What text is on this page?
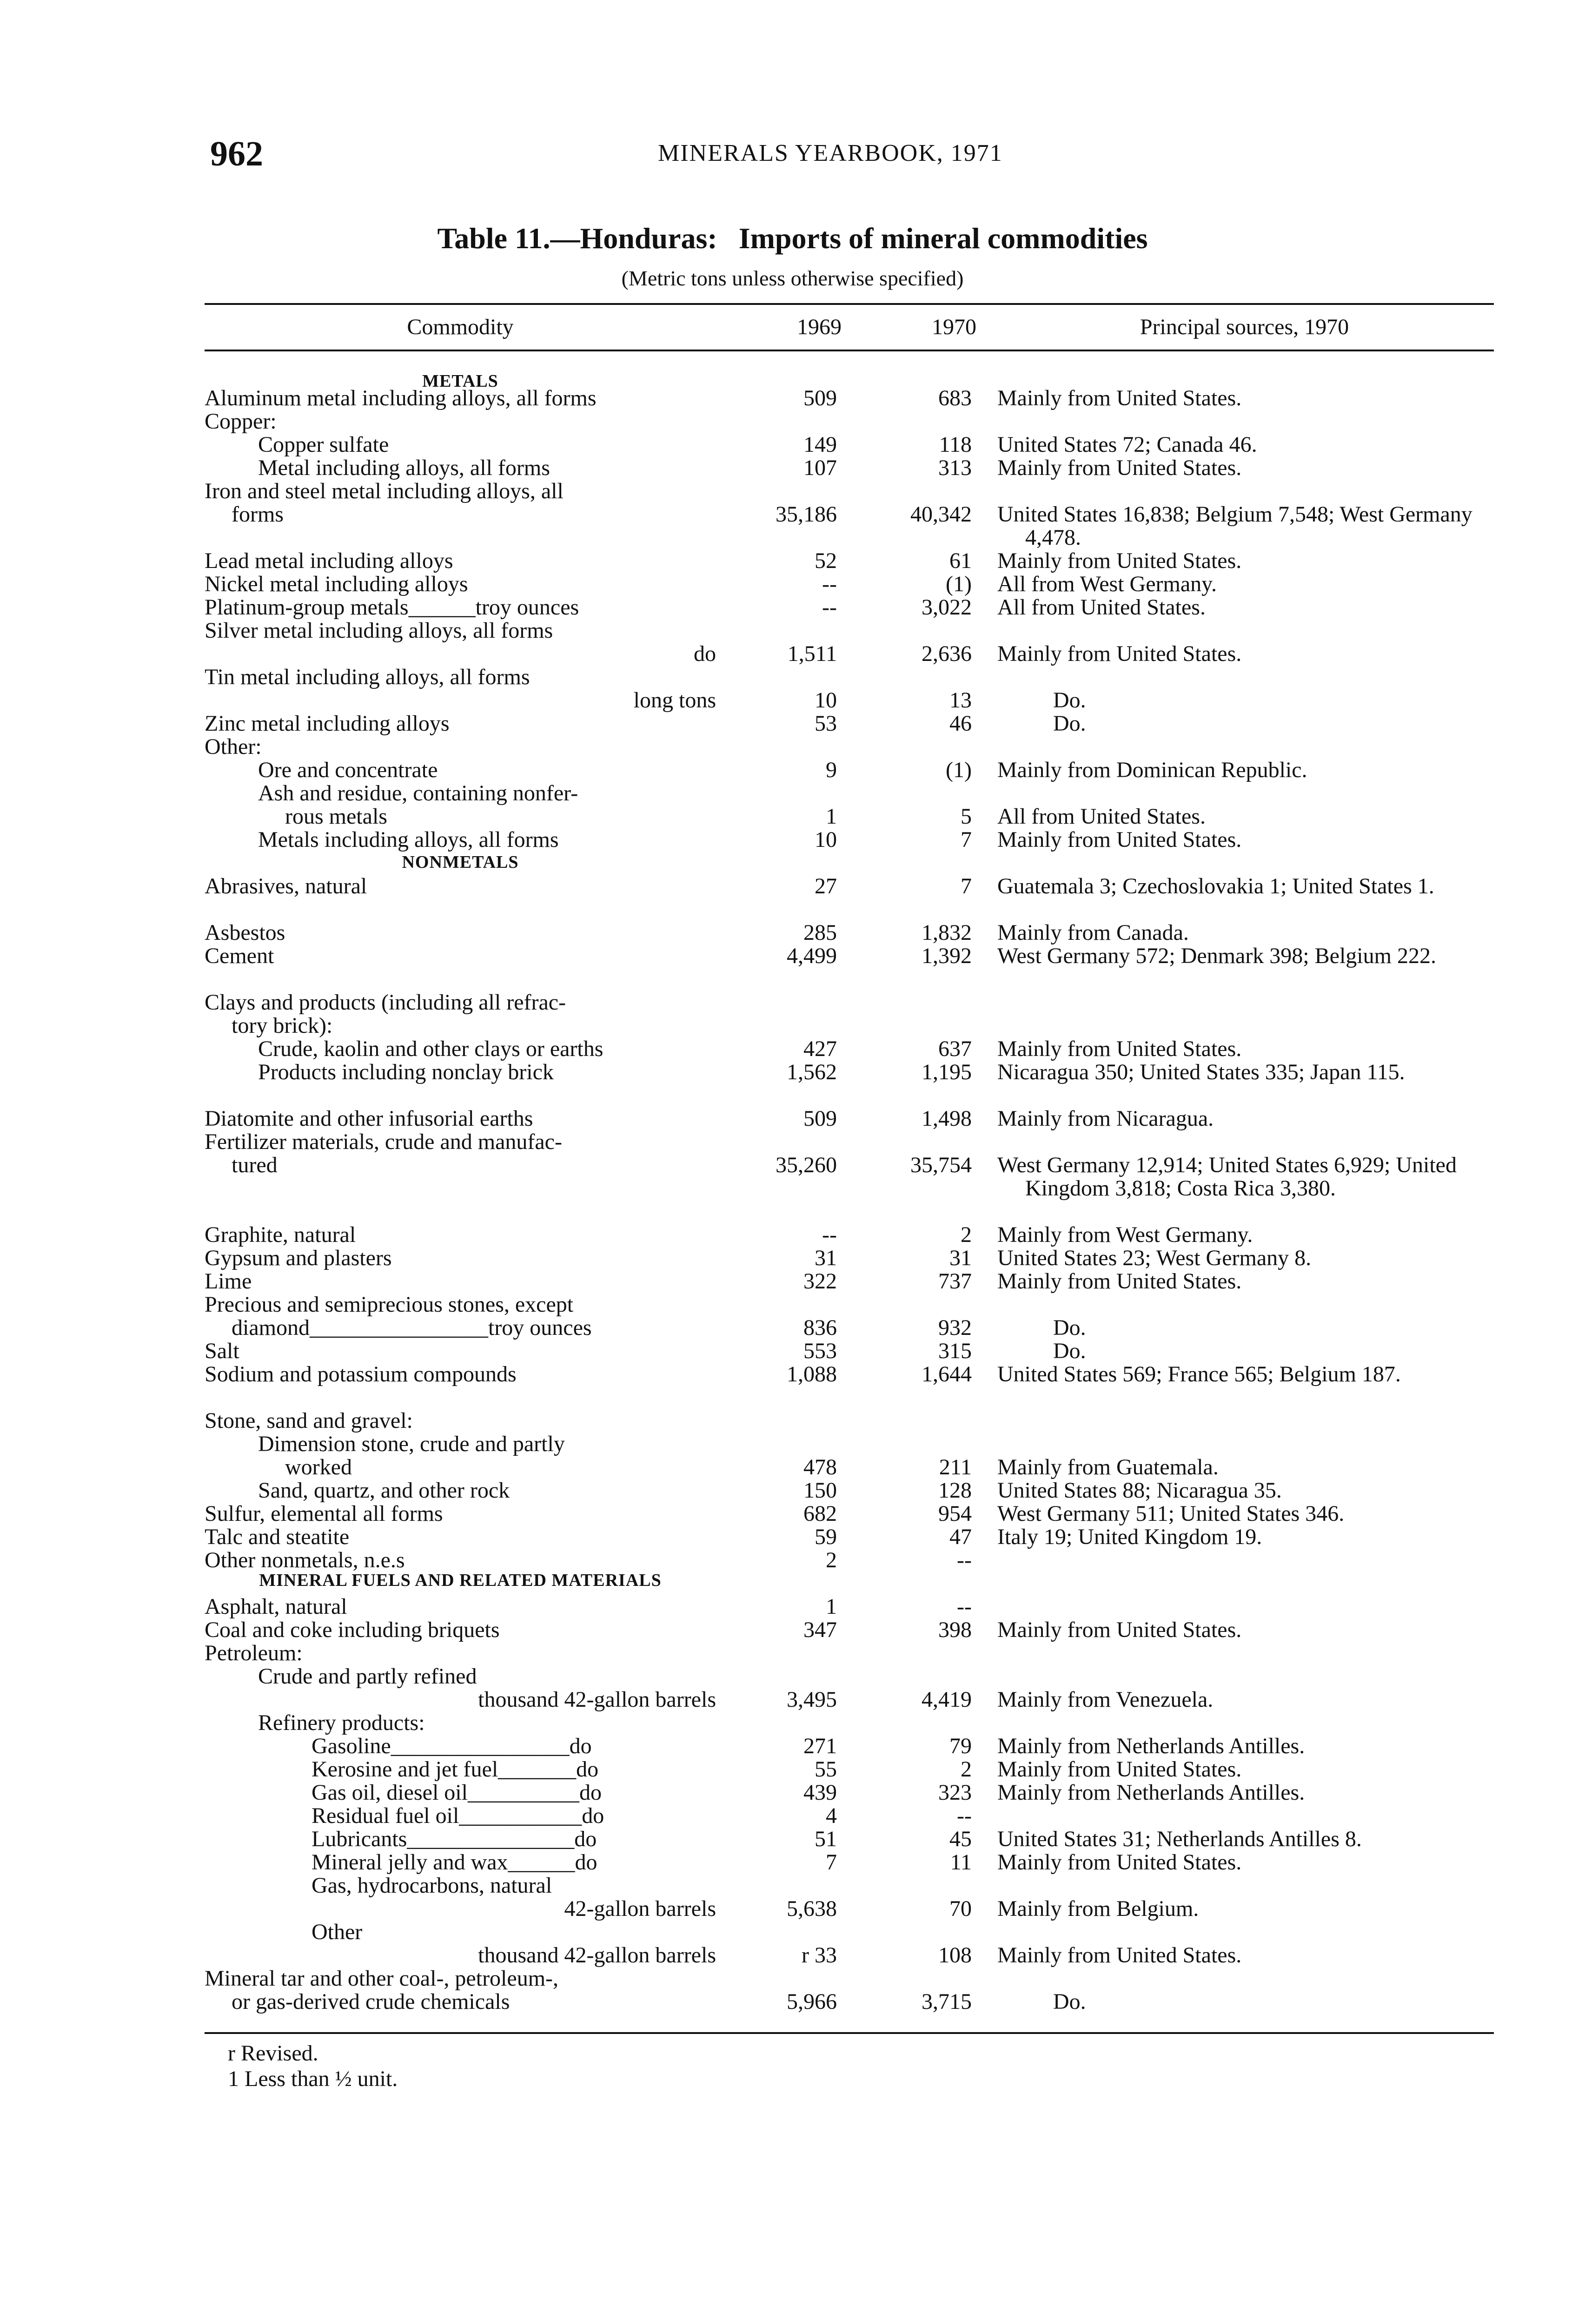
962	MINERALS YEARBOOK, 1971
Table 11.—Honduras: Imports of mineral commodities
(Metric tons unless otherwise specified)
Commodity	1969	1970	Principal sources, 1970
METALS
Aluminum metal including alloys, all forms	509	683 Mainly from United States.
Copper:
Copper sulfate	149	118 United States 72; Canada 46.
Metal including alloys, all forms	107	313 Mainly from United States.
Iron and steel metal including alloys, all
forms	35,186	40,342 United States 16,838; Belgium 7,548; West Germany 4,478.
Lead metal including alloys	52	61 Mainly from United States.
Nickel metal including alloys	--	(1) All from West Germany.
Platinum-group metals______troy ounces	--	3,022 All from United States.
Silver metal including alloys, all forms
do	1,511	2,636 Mainly from United States.
Tin metal including alloys, all forms
long tons	10	13	Do.
Zinc metal including alloys	53	46	Do.
Other:
Ore and concentrate	9	(1) Mainly from Dominican Republic.
Ash and residue, containing nonfer-
rous metals	1	5 All from United States.
Metals including alloys, all forms	10	7 Mainly from United States.
NONMETALS
Abrasives, natural	27	7 Guatemala 3; Czechoslovakia 1; United States 1.
Asbestos	285	1,832 Mainly from Canada.
Cement	4,499	1,392 West Germany 572; Denmark 398; Belgium 222.
Clays and products (including all refrac-
tory brick):
Crude, kaolin and other clays or earths	427	637 Mainly from United States.
Products including nonclay brick	1,562	1,195 Nicaragua 350; United States 335; Japan 115.
Diatomite and other infusorial earths	509	1,498 Mainly from Nicaragua.
Fertilizer materials, crude and manufac-
tured	35,260	35,754 West Germany 12,914; United States 6,929; United Kingdom 3,818; Costa Rica 3,380.
Graphite, natural	--	2 Mainly from West Germany.
Gypsum and plasters	31	31 United States 23; West Germany 8.
Lime	322	737 Mainly from United States.
Precious and semiprecious stones, except
diamond________________troy ounces	836	932	Do.
Salt	553	315	Do.
Sodium and potassium compounds	1,088	1,644 United States 569; France 565; Belgium 187.
Stone, sand and gravel:
Dimension stone, crude and partly
worked	478	211 Mainly from Guatemala.
Sand, quartz, and other rock	150	128 United States 88; Nicaragua 35.
Sulfur, elemental all forms	682	954 West Germany 511; United States 346.
Talc and steatite	59	47 Italy 19; United Kingdom 19.
Other nonmetals, n.e.s	2	--
MINERAL FUELS AND RELATED MATERIALS
Asphalt, natural	1	--
Coal and coke including briquets	347	398 Mainly from United States.
Petroleum:
Crude and partly refined
thousand 42-gallon barrels	3,495	4,419 Mainly from Venezuela.
Refinery products:
Gasoline________________do	271	79 Mainly from Netherlands Antilles.
Kerosine and jet fuel_______do	55	2 Mainly from United States.
Gas oil, diesel oil__________do	439	323 Mainly from Netherlands Antilles.
Residual fuel oil___________do	4	--
Lubricants_______________do	51	45 United States 31; Netherlands Antilles 8.
Mineral jelly and wax______do	7	11 Mainly from United States.
Gas, hydrocarbons, natural
42-gallon barrels	5,638	70 Mainly from Belgium.
Other
thousand 42-gallon barrels	r 33	108 Mainly from United States.
Mineral tar and other coal-, petroleum-,
or gas-derived crude chemicals	5,966	3,715	Do.
r Revised.
1 Less than ½ unit.
